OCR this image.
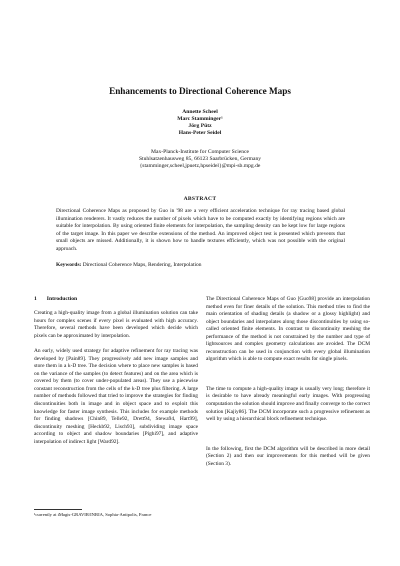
Enhancements to Directional Coherence Maps
Annette Scheel
Marc Stamminger¹
Jörg Pütz
Hans-Peter Seidel
Max-Planck-Institute for Computer Science
Stuhlsatzenhausweg 85, 66123 Saarbrücken, Germany
{stamminger,scheel,jpuetz,hpseidel}@mpi-sb.mpg.de
ABSTRACT
Directional Coherence Maps as proposed by Guo in '98 are a very efficient acceleration technique for ray tracing based global illumination renderers. It vastly reduces the number of pixels which have to be computed exactly by identifying regions which are suitable for interpolation. By using oriented finite elements for interpolation, the sampling density can be kept low for large regions of the target image. In this paper we describe extensions of the method. An improved object test is presented which prevents that small objects are missed. Additionally, it is shown how to handle textures efficiently, which was not possible with the original approach.
Keywords: Directional Coherence Maps, Rendering, Interpolation
1 Introduction

Creating a high-quality image from a global illumination solution can take hours for complex scenes if every pixel is evaluated with high accuracy. Therefore, several methods have been developed which decide which pixels can be approximated by interpolation.

An early, widely used strategy for adaptive refinement for ray tracing was developed by [Pain89]. They progressively add new image samples and store them in a k-D tree. The decision where to place new samples is based on the variance of the samples (to detect features) and on the area which is covered by them (to cover under-populated areas). They use a piecewise constant reconstruction from the cells of the k-D tree plus filtering. A large number of methods followed that tried to improve the strategies for finding discontinuities both in image and in object space and to exploit this knowledge for faster image synthesis. This includes for example methods for finding shadows [Chin89, Telle92, Drett94, Stewa94, Hart99], discontinuity meshing [Heckb92, Lisch93], subdividing image space according to object and shadow boundaries [Pighi97], and adaptive interpolation of indirect light [Ward92].

The Directional Coherence Maps of Guo [Guo98] provide an interpolation method even for finer details of the solution. This method tries to find the main orientation of shading details (a shadow or a glossy highlight) and object boundaries and interpolates along those discontinuities by using so-called oriented finite elements. In contrast to discontinuity meshing the performance of the method is not constrained by the number and type of lightsources and complex geometry calculations are avoided. The DCM reconstruction can be used in conjunction with every global illumination algorithm which is able to compute exact results for single pixels.

The time to compute a high-quality image is usually very long; therefore it is desirable to have already meaningful early images. With progressing computation the solution should improve and finally converge to the correct solution [Kajiy86]. The DCM incorporate such a progressive refinement as well by using a hierarchical block refinement technique.

In the following, first the DCM algorithm will be described in more detail (Section 2) and then our improvements for this method will be given (Section 3).

¹currently at iMagis-GRAVIR/INRIA, Sophia-Antipolis, France
